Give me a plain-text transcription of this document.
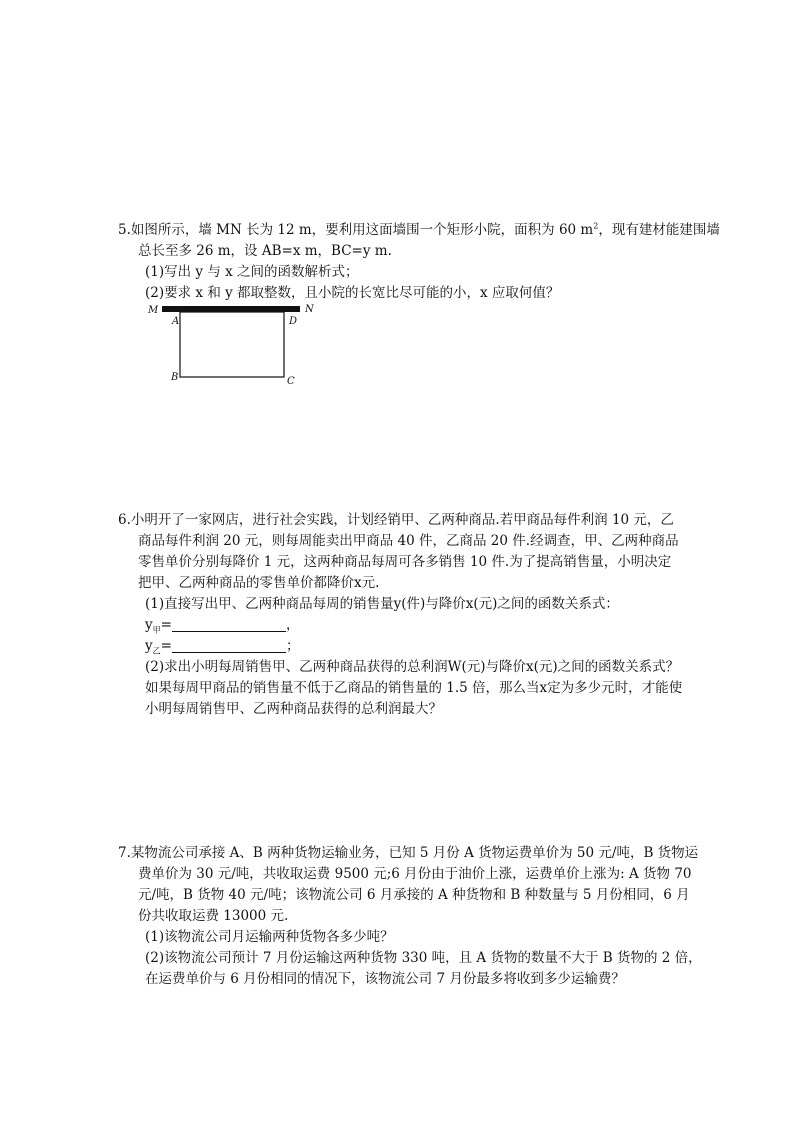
5.如图所示，墙 MN 长为 12 m，要利用这面墙围一个矩形小院，面积为 60 $m^2$，现有建材能建围墙
总长至多 26 m，设 AB=x m，BC=y m.
(1)写出 y 与 x 之间的函数解析式；
(2)要求 x 和 y 都取整数，且小院的长宽比尽可能的小，x 应取何值？
M	N
A	D
B	C
6.小明开了一家网店，进行社会实践，计划经销甲、乙两种商品.若甲商品每件利润 10 元，乙
商品每件利润 20 元，则每周能卖出甲商品 40 件，乙商品 20 件.经调查，甲、乙两种商品
零售单价分别每降价 1 元，这两种商品每周可各多销售 10 件.为了提高销售量，小明决定
把甲、乙两种商品的零售单价都降价x元.
(1)直接写出甲、乙两种商品每周的销售量y(件)与降价x(元)之间的函数关系式：
$y_甲=$	，
$y_乙=$	；
(2)求出小明每周销售甲、乙两种商品获得的总利润W(元)与降价x(元)之间的函数关系式？
如果每周甲商品的销售量不低于乙商品的销售量的 1.5 倍，那么当x定为多少元时，才能使
小明每周销售甲、乙两种商品获得的总利润最大？
7.某物流公司承接 A、B 两种货物运输业务，已知 5 月份 A 货物运费单价为 50 元/吨，B 货物运
费单价为 30 元/吨，共收取运费 9500 元;6 月份由于油价上涨，运费单价上涨为: A 货物 70
元/吨，B 货物 40 元/吨；该物流公司 6 月承接的 A 种货物和 B 种数量与 5 月份相同，6 月
份共收取运费 13000 元.
(1)该物流公司月运输两种货物各多少吨？
(2)该物流公司预计 7 月份运输这两种货物 330 吨，且 A 货物的数量不大于 B 货物的 2 倍，
在运费单价与 6 月份相同的情况下，该物流公司 7 月份最多将收到多少运输费？
